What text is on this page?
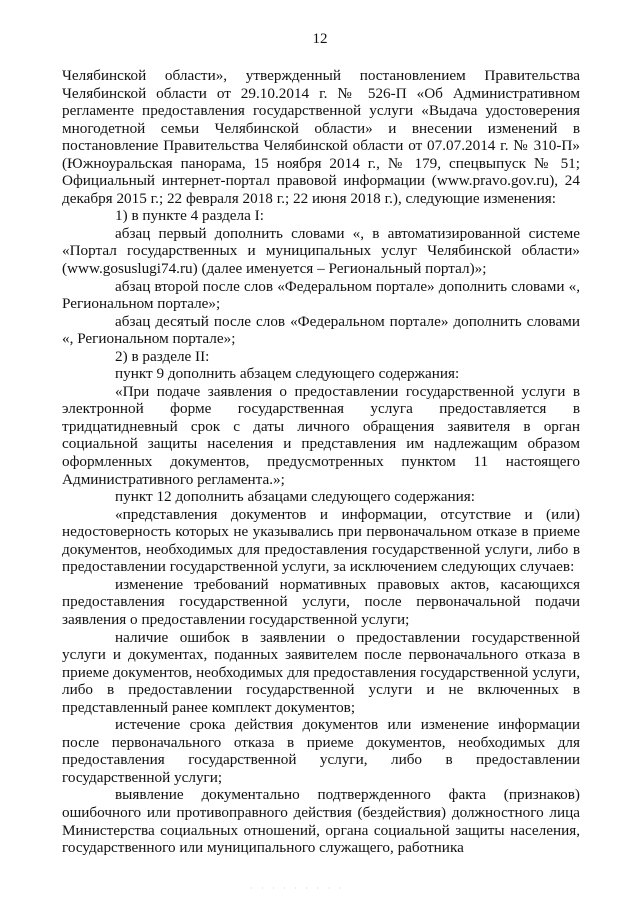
12

Челябинской области», утвержденный постановлением Правительства Челябинской области от 29.10.2014 г. № 526-П «Об Административном регламенте предоставления государственной услуги «Выдача удостоверения многодетной семьи Челябинской области» и внесении изменений в постановление Правительства Челябинской области от 07.07.2014 г. № 310-П» (Южноуральская панорама, 15 ноября 2014 г., № 179, спецвыпуск № 51; Официальный интернет-портал правовой информации (www.pravo.gov.ru), 24 декабря 2015 г.; 22 февраля 2018 г.; 22 июня 2018 г.), следующие изменения:

1) в пункте 4 раздела I:

абзац первый дополнить словами «, в автоматизированной системе «Портал государственных и муниципальных услуг Челябинской области» (www.gosuslugi74.ru) (далее именуется – Региональный портал)»;

абзац второй после слов «Федеральном портале» дополнить словами «, Региональном портале»;

абзац десятый после слов «Федеральном портале» дополнить словами «, Региональном портале»;

2) в разделе II:

пункт 9 дополнить абзацем следующего содержания:

«При подаче заявления о предоставлении государственной услуги в электронной форме государственная услуга предоставляется в тридцатидневный срок с даты личного обращения заявителя в орган социальной защиты населения и представления им надлежащим образом оформленных документов, предусмотренных пунктом 11 настоящего Административного регламента.»;

пункт 12 дополнить абзацами следующего содержания:

«представления документов и информации, отсутствие и (или) недостоверность которых не указывались при первоначальном отказе в приеме документов, необходимых для предоставления государственной услуги, либо в предоставлении государственной услуги, за исключением следующих случаев:

изменение требований нормативных правовых актов, касающихся предоставления государственной услуги, после первоначальной подачи заявления о предоставлении государственной услуги;

наличие ошибок в заявлении о предоставлении государственной услуги и документах, поданных заявителем после первоначального отказа в приеме документов, необходимых для предоставления государственной услуги, либо в предоставлении государственной услуги и не включенных в представленный ранее комплект документов;

истечение срока действия документов или изменение информации после первоначального отказа в приеме документов, необходимых для предоставления государственной услуги, либо в предоставлении государственной услуги;

выявление документально подтвержденного факта (признаков) ошибочного или противоправного действия (бездействия) должностного лица Министерства социальных отношений, органа социальной защиты населения, государственного или муниципального служащего, работника

· · · · · · · · ·
